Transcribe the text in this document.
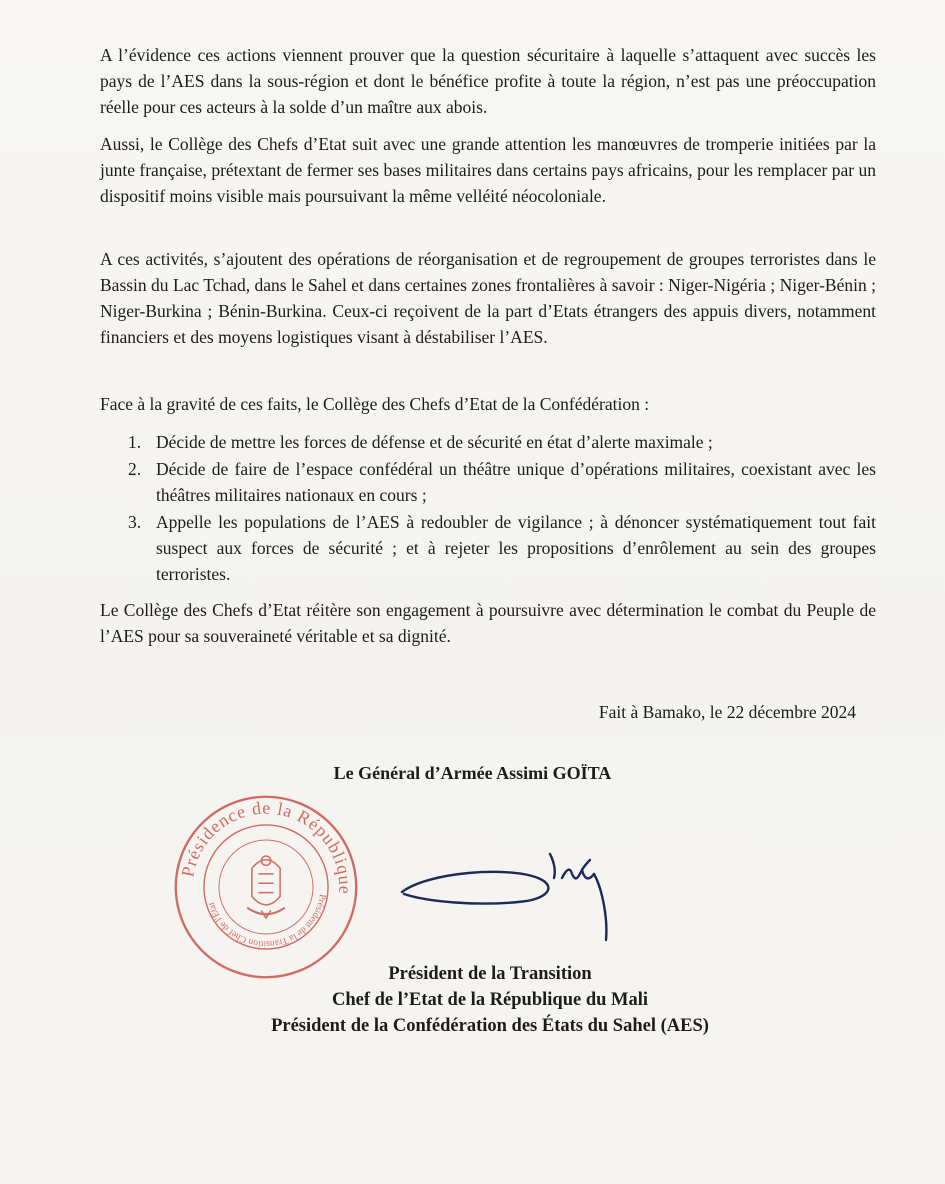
A l’évidence ces actions viennent prouver que la question sécuritaire à laquelle s’attaquent avec succès les pays de l’AES dans la sous-région et dont le bénéfice profite à toute la région, n’est pas une préoccupation réelle pour ces acteurs à la solde d’un maître aux abois.

Aussi, le Collège des Chefs d’Etat suit avec une grande attention les manœuvres de tromperie initiées par la junte française, prétextant de fermer ses bases militaires dans certains pays africains, pour les remplacer par un dispositif moins visible mais poursuivant la même velléité néocoloniale.

A ces activités, s’ajoutent des opérations de réorganisation et de regroupement de groupes terroristes dans le Bassin du Lac Tchad, dans le Sahel et dans certaines zones frontalières à savoir : Niger-Nigéria ; Niger-Bénin ; Niger-Burkina ; Bénin-Burkina. Ceux-ci reçoivent de la part d’Etats étrangers des appuis divers, notamment financiers et des moyens logistiques visant à déstabiliser l’AES.

Face à la gravité de ces faits, le Collège des Chefs d’Etat de la Confédération :

1. Décide de mettre les forces de défense et de sécurité en état d’alerte maximale ;
2. Décide de faire de l’espace confédéral un théâtre unique d’opérations militaires, coexistant avec les théâtres militaires nationaux en cours ;
3. Appelle les populations de l’AES à redoubler de vigilance ; à dénoncer systématiquement tout fait suspect aux forces de sécurité ; et à rejeter les propositions d’enrôlement au sein des groupes terroristes.

Le Collège des Chefs d’Etat réitère son engagement à poursuivre avec détermination le combat du Peuple de l’AES pour sa souveraineté véritable et sa dignité.

Fait à Bamako, le 22 décembre 2024

Le Général d’Armée Assimi GOÏTA

Présidence de la République
Président de la Transition Chef de l'Etat
Président de la Transition
Chef de l’Etat de la République du Mali
Président de la Confédération des États du Sahel (AES)
